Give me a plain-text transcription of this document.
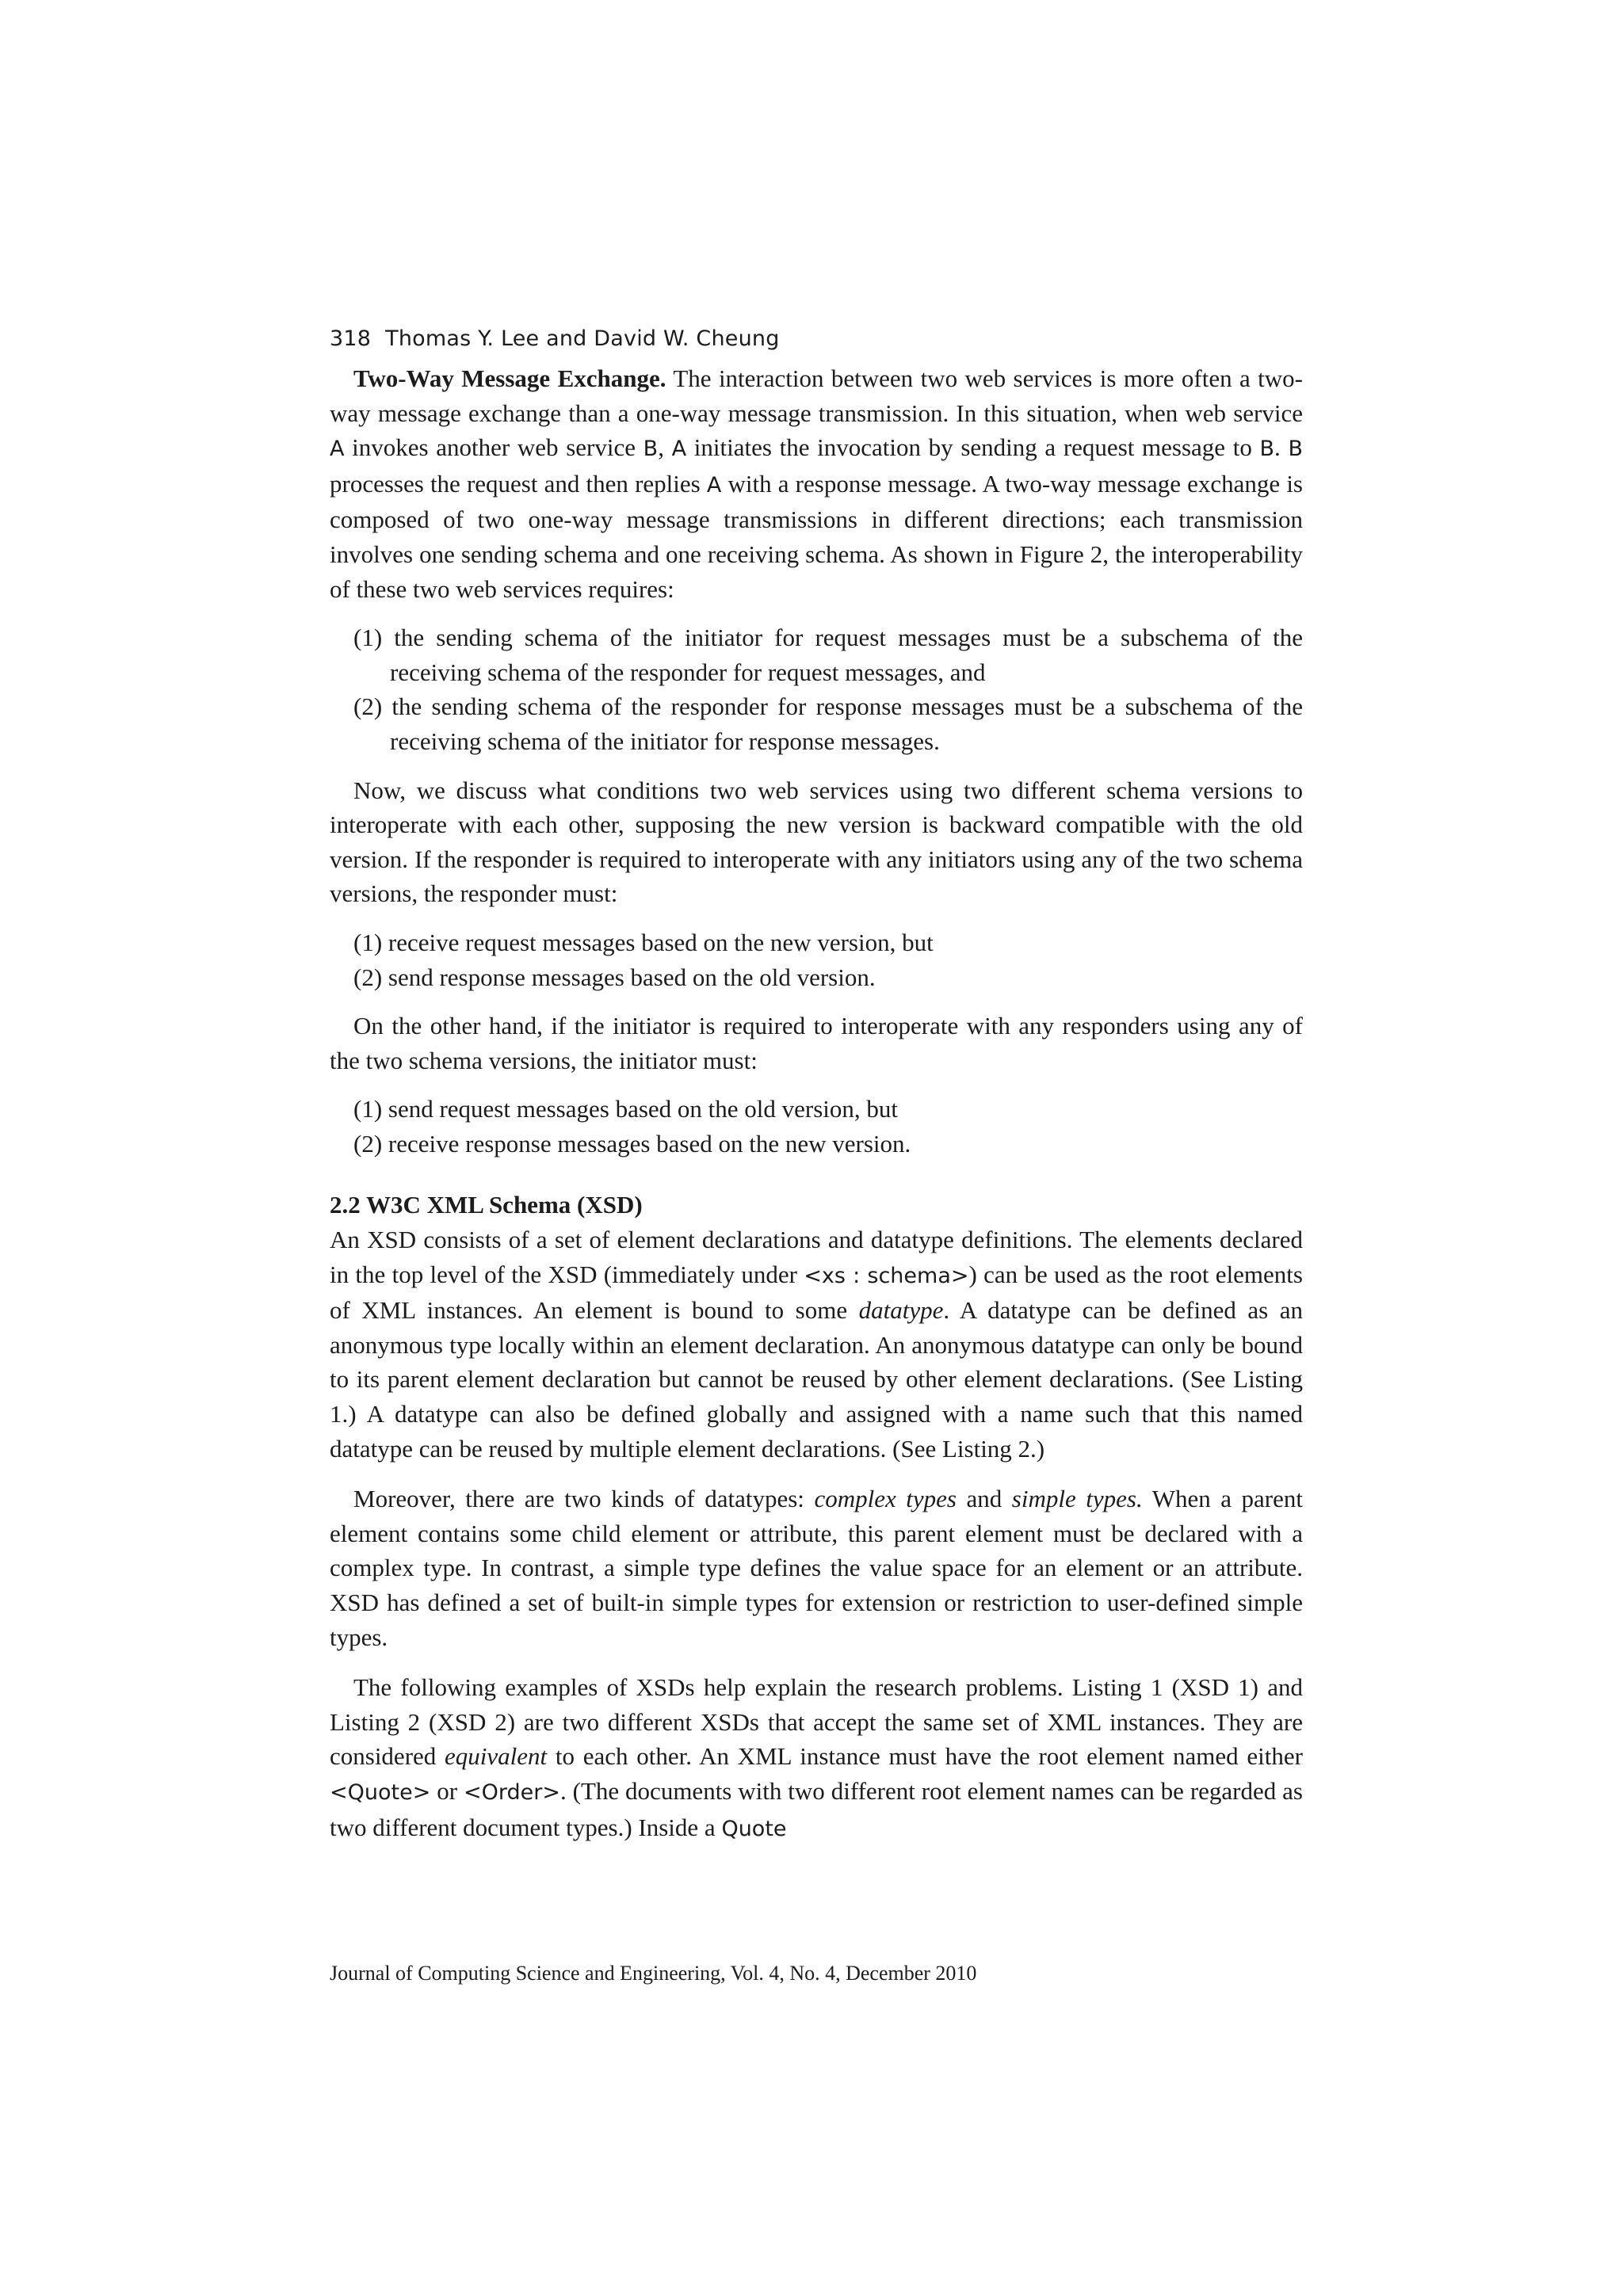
318 Thomas Y. Lee and David W. Cheung

Two-Way Message Exchange. The interaction between two web services is more often a two-way message exchange than a one-way message transmission. In this situation, when web service A invokes another web service B, A initiates the invocation by sending a request message to B. B processes the request and then replies A with a response message. A two-way message exchange is composed of two one-way message transmissions in different directions; each transmission involves one sending schema and one receiving schema. As shown in Figure 2, the interoperability of these two web services requires:

(1) the sending schema of the initiator for request messages must be a subschema of the receiving schema of the responder for request messages, and
(2) the sending schema of the responder for response messages must be a subschema of the receiving schema of the initiator for response messages.

Now, we discuss what conditions two web services using two different schema versions to interoperate with each other, supposing the new version is backward compatible with the old version. If the responder is required to interoperate with any initiators using any of the two schema versions, the responder must:

(1) receive request messages based on the new version, but
(2) send response messages based on the old version.

On the other hand, if the initiator is required to interoperate with any responders using any of the two schema versions, the initiator must:

(1) send request messages based on the old version, but
(2) receive response messages based on the new version.
2.2 W3C XML Schema (XSD)

An XSD consists of a set of element declarations and datatype definitions. The elements declared in the top level of the XSD (immediately under <xs : schema>) can be used as the root elements of XML instances. An element is bound to some datatype. A datatype can be defined as an anonymous type locally within an element declaration. An anonymous datatype can only be bound to its parent element declaration but cannot be reused by other element declarations. (See Listing 1.) A datatype can also be defined globally and assigned with a name such that this named datatype can be reused by multiple element declarations. (See Listing 2.)

Moreover, there are two kinds of datatypes: complex types and simple types. When a parent element contains some child element or attribute, this parent element must be declared with a complex type. In contrast, a simple type defines the value space for an element or an attribute. XSD has defined a set of built-in simple types for extension or restriction to user-defined simple types.

The following examples of XSDs help explain the research problems. Listing 1 (XSD 1) and Listing 2 (XSD 2) are two different XSDs that accept the same set of XML instances. They are considered equivalent to each other. An XML instance must have the root element named either <Quote> or <Order>. (The documents with two different root element names can be regarded as two different document types.) Inside a Quote

Journal of Computing Science and Engineering, Vol. 4, No. 4, December 2010
